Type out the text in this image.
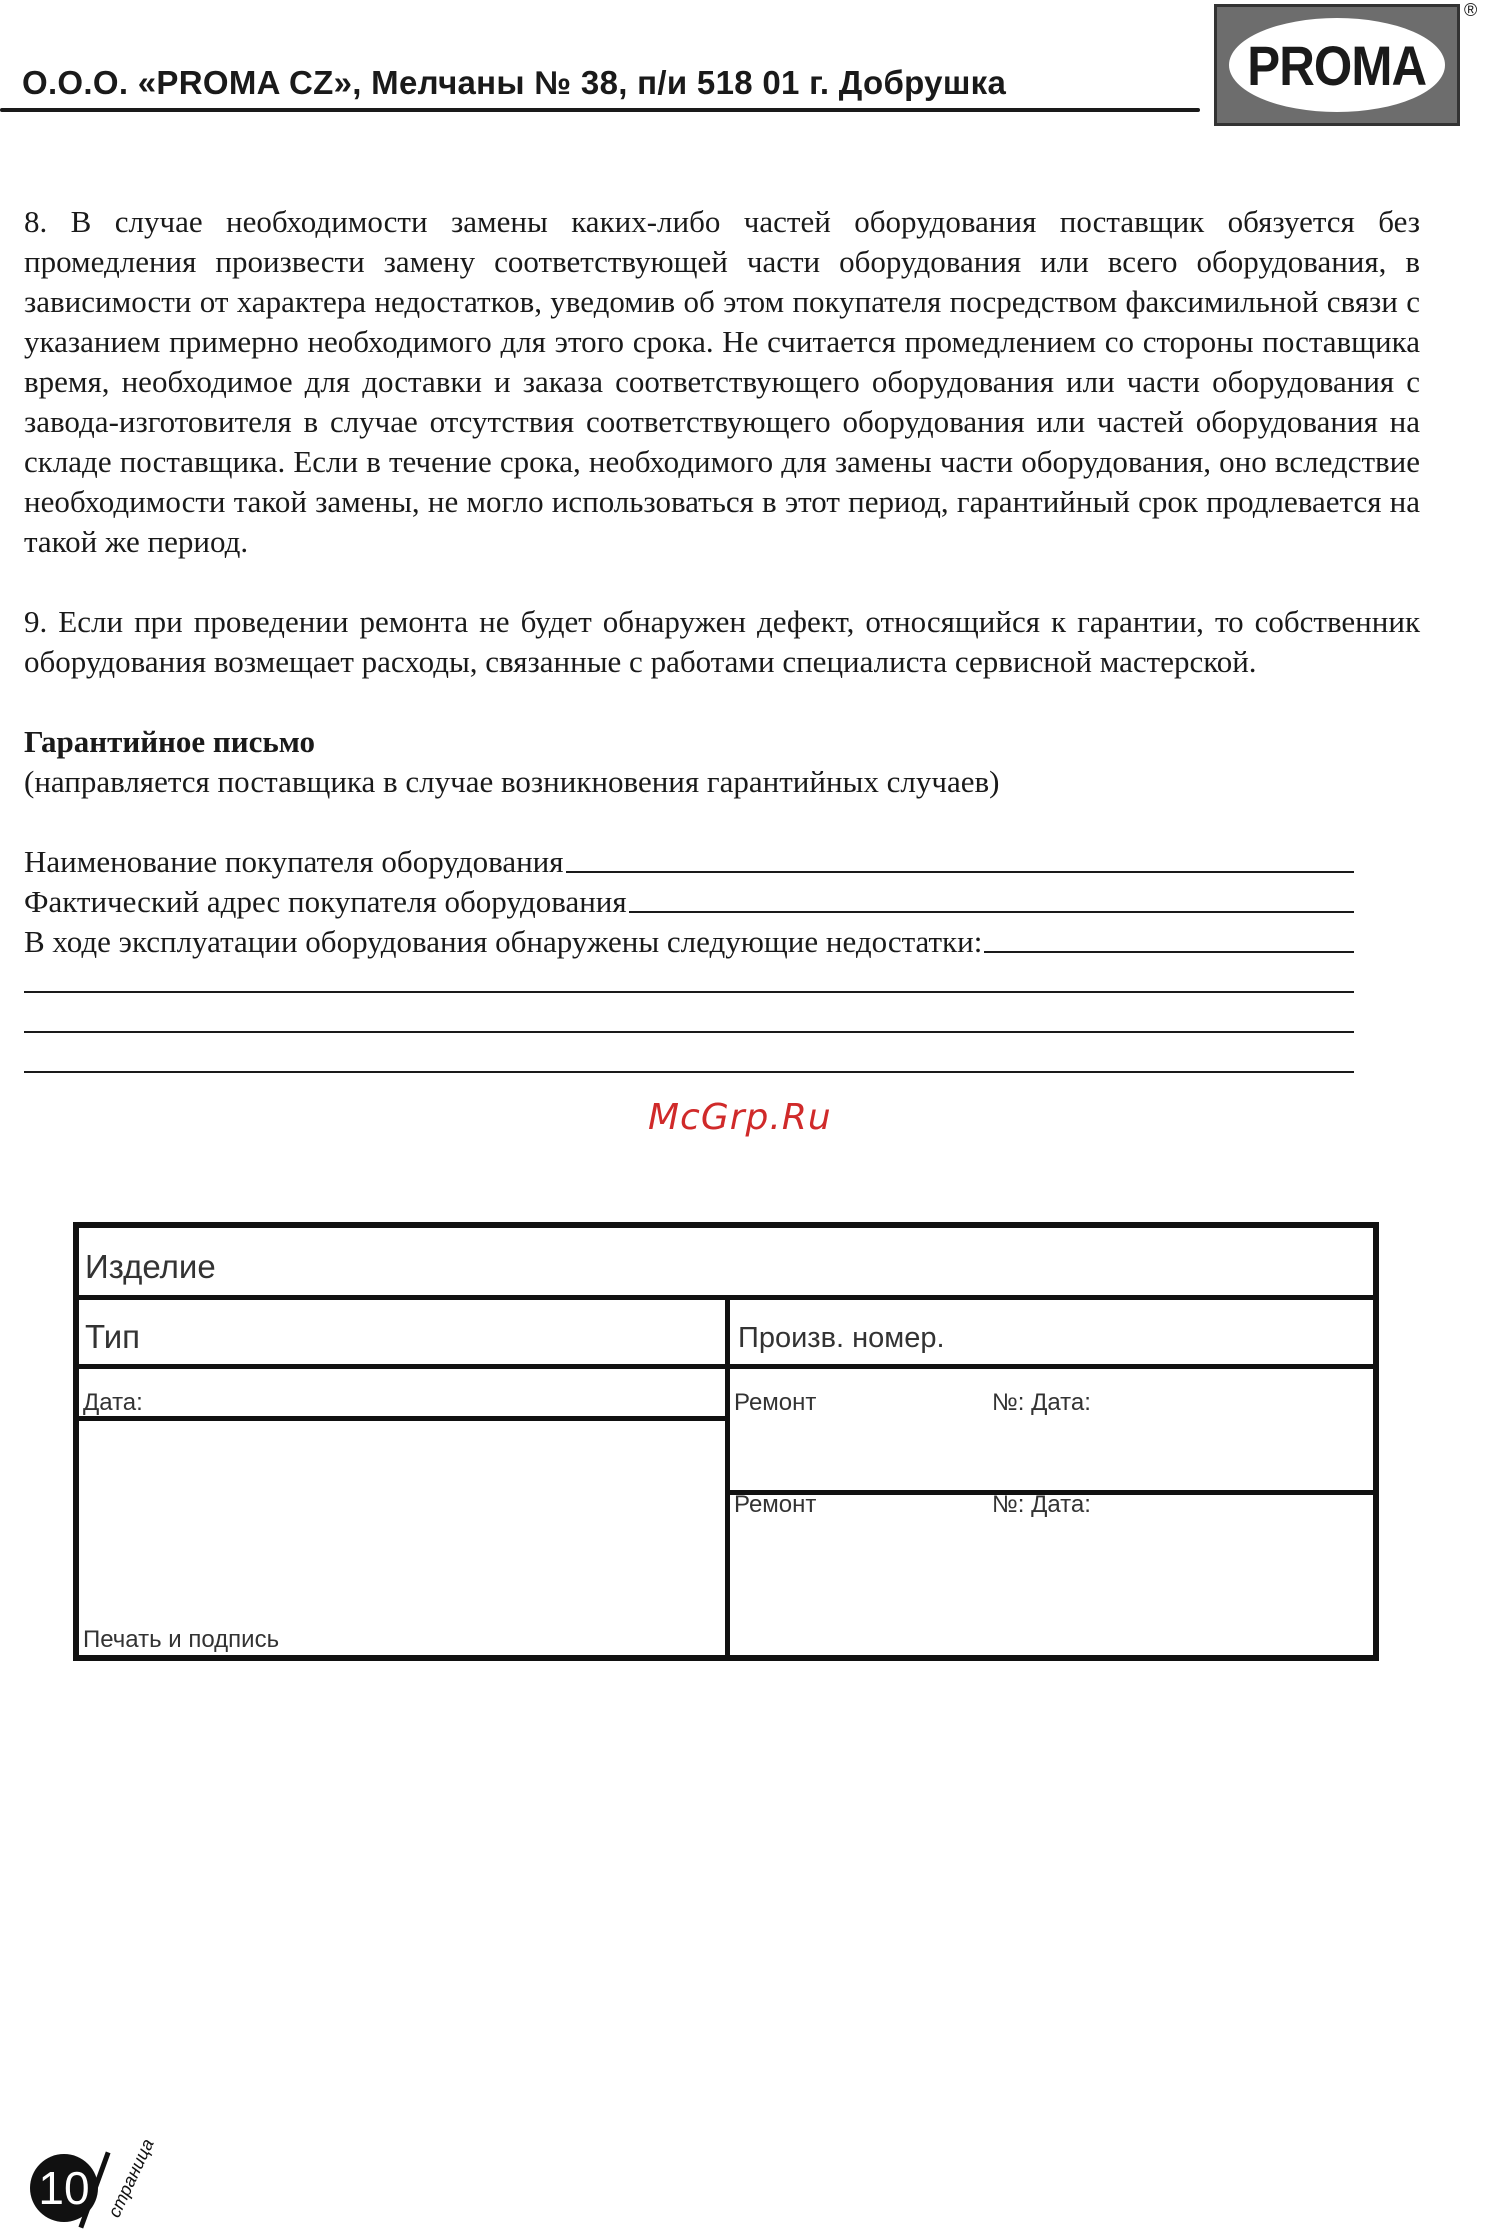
О.О.О. «PROMA CZ», Мелчаны № 38, п/и 518 01 г. Добрушка	PROMA
®

8. В случае необходимости замены каких-либо частей оборудования поставщик обязуется без промедления произвести замену соответствующей части оборудования или всего оборудования, в зависимости от характера недостатков, уведомив об этом покупателя посредством факсимильной связи с указанием примерно необходимого для этого срока. Не считается промедлением со стороны поставщика время, необходимое для доставки и заказа соответствующего оборудования или части оборудования с завода-изготовителя в случае отсутствия соответствующего оборудования или частей оборудования на складе поставщика. Если в течение срока, необходимого для замены части оборудования, оно вследствие необходимости такой замены, не могло использоваться в этот период, гарантийный срок продлевается на такой же период.

9. Если при проведении ремонта не будет обнаружен дефект, относящийся к гарантии, то собственник оборудования возмещает расходы, связанные с работами специалиста сервисной мастерской.

Гарантийное письмо

(направляется поставщика в случае возникновения гарантийных случаев)

Наименование покупателя оборудования
Фактический адрес покупателя оборудования
В ходе эксплуатации оборудования обнаружены следующие недостатки:
McGrp.Ru
Изделие
Тип	Произв. номер.
Дата:	Ремонт	№: Дата:
Ремонт	№: Дата:
Печать и подпись
10 страница
